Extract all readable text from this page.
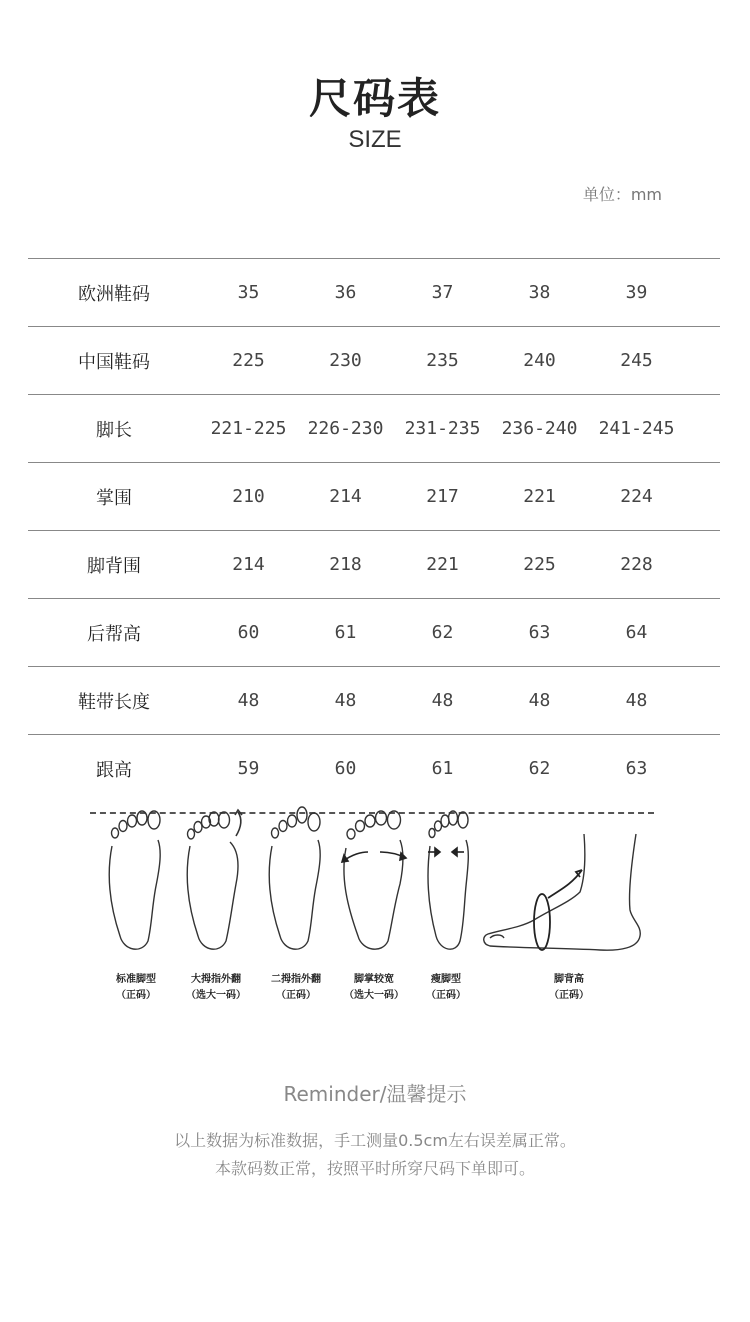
尺码表
SIZE
单位：mm
欧洲鞋码	35	36	37	38	39
中国鞋码	225	230	235	240	245
脚长	221-225	226-230	231-235	236-240	241-245
掌围	210	214	217	221	224
脚背围	214	218	221	225	228
后帮高	60	61	62	63	64
鞋带长度	48	48	48	48	48
跟高	59	60	61	62	63
标准脚型
（正码）
大拇指外翻
（选大一码）
二拇指外翻
（正码）
脚掌较宽
（选大一码）
瘦脚型
（正码）
脚背高
（正码）
Reminder/温馨提示
以上数据为标准数据，手工测量0.5cm左右误差属正常。
本款码数正常，按照平时所穿尺码下单即可。
